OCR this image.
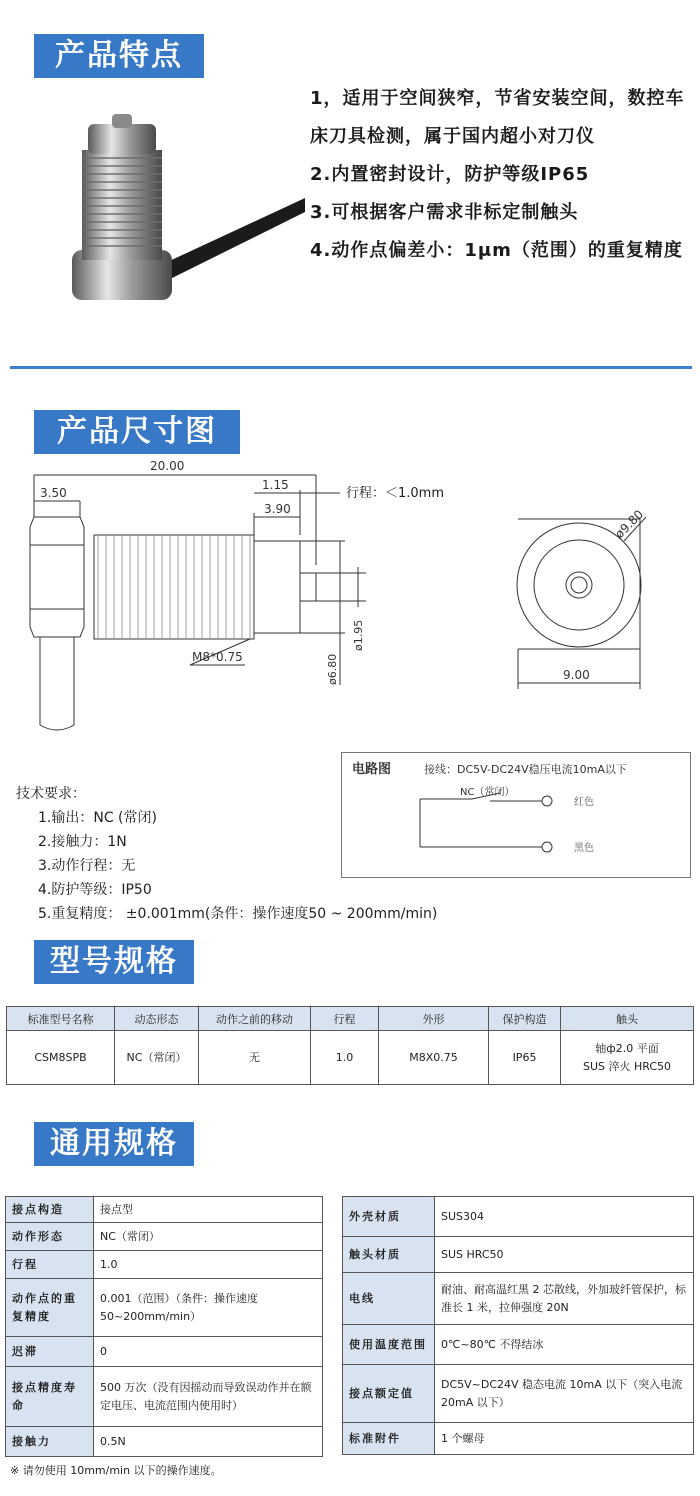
产品特点

1，适用于空间狭窄，节省安装空间，数控车床刀具检测，属于国内超小对刀仪

2.内置密封设计，防护等级IP65

3.可根据客户需求非标定制触头

4.动作点偏差小：1μm（范围）的重复精度

产品尺寸图
20.00
3.50
1.15
3.90
行程：＜1.0mm
M8*0.75
ø1.95
ø6.80
ø9.80
9.00
技术要求：
1.输出：NC (常闭)
2.接触力：1N
3.动作行程：无
4.防护等级：IP50
5.重复精度： ±0.001mm(条件：操作速度50 ~ 200mm/min)
电路图	接线：DC5V-DC24V稳压电流10mA以下
NC（常闭）
红色
黑色
型号规格
标准型号名称	动态形态	动作之前的移动	行程	外形	保护构造	触头
CSM8SPB	NC（常闭）	无	1.0	M8X0.75	IP65	轴ф2.0 平面
SUS 淬火 HRC50
通用规格
接点构造	接点型
动作形态	NC（常闭）
行程	1.0
动作点的重复精度	0.001（范围）（条件：操作速度50~200mm/min）
迟滞	0
接点精度寿命	500 万次（没有因摇动而导致误动作并在额定电压、电流范围内使用时）
接触力	0.5N
外壳材质	SUS304
触头材质	SUS HRC50
电线	耐油、耐高温红黑 2 芯散线，外加玻纤管保护，标准长 1 米，拉伸强度 20N
使用温度范围	0℃~80℃ 不得结冰
接点额定值	DC5V~DC24V 稳态电流 10mA 以下（突入电流 20mA 以下）
标准附件	1 个螺母
※ 请勿使用 10mm/min 以下的操作速度。
